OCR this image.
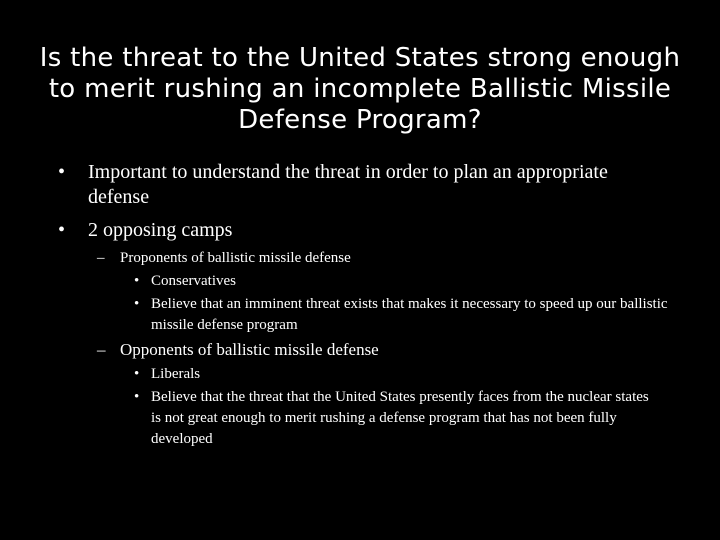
Is the threat to the United States strong enough to merit rushing an incomplete Ballistic Missile Defense Program?
• Important to understand the threat in order to plan an appropriate defense
• 2 opposing camps
– Proponents of ballistic missile defense
• Conservatives
• Believe that an imminent threat exists that makes it necessary to speed up our ballistic missile defense program
– Opponents of ballistic missile defense
• Liberals
• Believe that the threat that the United States presently faces from the nuclear states is not great enough to merit rushing a defense program that has not been fully developed
